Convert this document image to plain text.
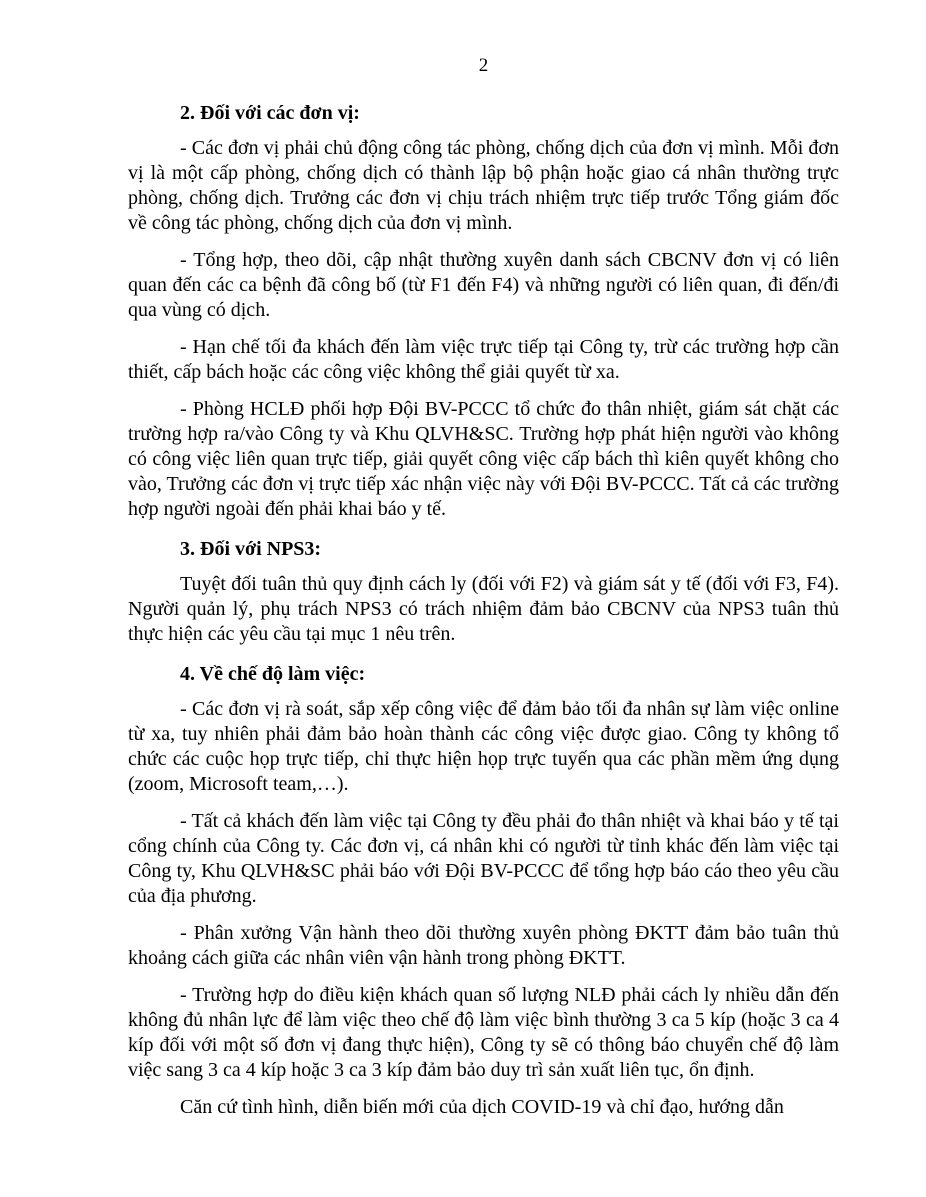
2
2. Đối với các đơn vị:
- Các đơn vị phải chủ động công tác phòng, chống dịch của đơn vị mình. Mỗi đơn vị là một cấp phòng, chống dịch có thành lập bộ phận hoặc giao cá nhân thường trực phòng, chống dịch. Trưởng các đơn vị chịu trách nhiệm trực tiếp trước Tổng giám đốc về công tác phòng, chống dịch của đơn vị mình.
- Tổng hợp, theo dõi, cập nhật thường xuyên danh sách CBCNV đơn vị có liên quan đến các ca bệnh đã công bố (từ F1 đến F4) và những người có liên quan, đi đến/đi qua vùng có dịch.
- Hạn chế tối đa khách đến làm việc trực tiếp tại Công ty, trừ các trường hợp cần thiết, cấp bách hoặc các công việc không thể giải quyết từ xa.
- Phòng HCLĐ phối hợp Đội BV-PCCC tổ chức đo thân nhiệt, giám sát chặt các trường hợp ra/vào Công ty và Khu QLVH&SC. Trường hợp phát hiện người vào không có công việc liên quan trực tiếp, giải quyết công việc cấp bách thì kiên quyết không cho vào, Trưởng các đơn vị trực tiếp xác nhận việc này với Đội BV-PCCC. Tất cả các trường hợp người ngoài đến phải khai báo y tế.
3. Đối với NPS3:
Tuyệt đối tuân thủ quy định cách ly (đối với F2) và giám sát y tế (đối với F3, F4). Người quản lý, phụ trách NPS3 có trách nhiệm đảm bảo CBCNV của NPS3 tuân thủ thực hiện các yêu cầu tại mục 1 nêu trên.
4. Về chế độ làm việc:
- Các đơn vị rà soát, sắp xếp công việc để đảm bảo tối đa nhân sự làm việc online từ xa, tuy nhiên phải đảm bảo hoàn thành các công việc được giao. Công ty không tổ chức các cuộc họp trực tiếp, chỉ thực hiện họp trực tuyến qua các phần mềm ứng dụng (zoom, Microsoft team,…).
- Tất cả khách đến làm việc tại Công ty đều phải đo thân nhiệt và khai báo y tế tại cổng chính của Công ty. Các đơn vị, cá nhân khi có người từ tỉnh khác đến làm việc tại Công ty, Khu QLVH&SC phải báo với Đội BV-PCCC để tổng hợp báo cáo theo yêu cầu của địa phương.
- Phân xưởng Vận hành theo dõi thường xuyên phòng ĐKTT đảm bảo tuân thủ khoảng cách giữa các nhân viên vận hành trong phòng ĐKTT.
- Trường hợp do điều kiện khách quan số lượng NLĐ phải cách ly nhiều dẫn đến không đủ nhân lực để làm việc theo chế độ làm việc bình thường 3 ca 5 kíp (hoặc 3 ca 4 kíp đối với một số đơn vị đang thực hiện), Công ty sẽ có thông báo chuyển chế độ làm việc sang 3 ca 4 kíp hoặc 3 ca 3 kíp đảm bảo duy trì sản xuất liên tục, ổn định.
Căn cứ tình hình, diễn biến mới của dịch COVID-19 và chỉ đạo, hướng dẫn
